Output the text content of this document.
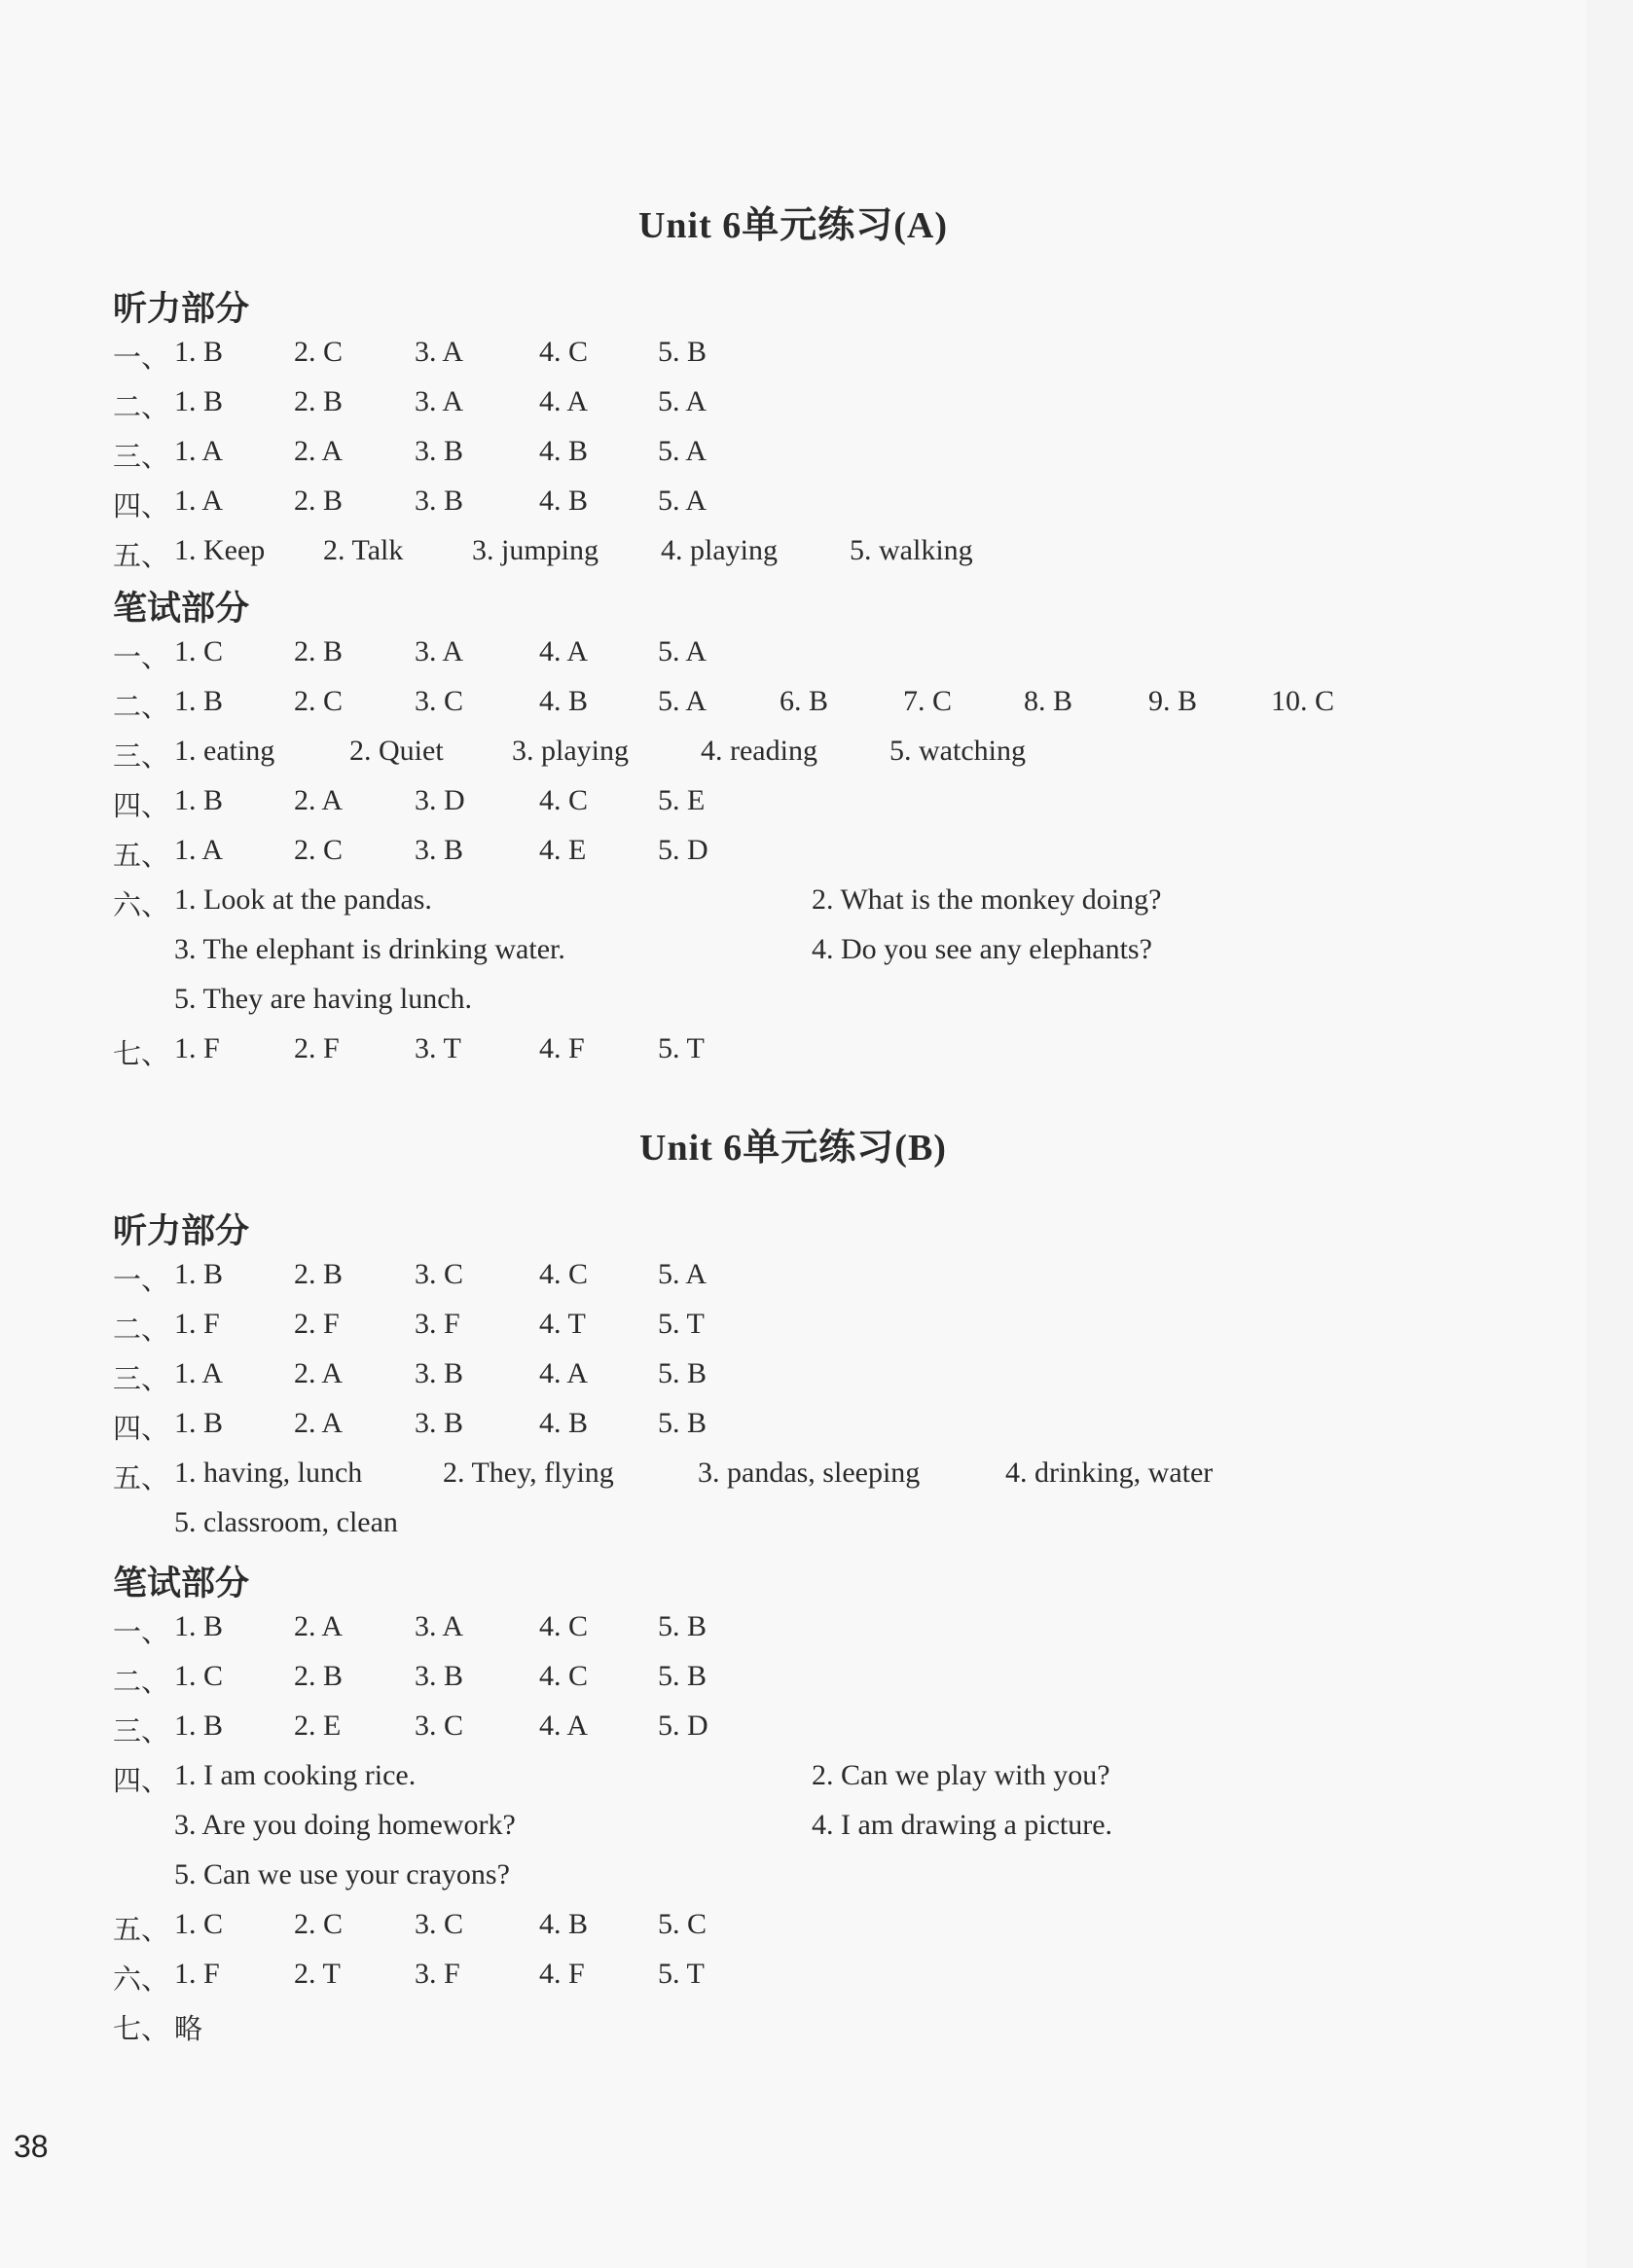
Unit 6单元练习(A)
听力部分
一、 1. B 2. C 3. A	4. C 5. B
二、 1. B 2. B 3. A	4. A 5. A
三、 1. A 2. A 3. B	4. B 5. A
四、 1. A 2. B 3. B	4. B 5. A
五、 1. Keep 2. Talk 3. jumping 4. playing 5. walking
笔试部分
一、 1. C 2. B 3. A	4. A 5. A
二、 1. B 2. C 3. C	4. B 5. A 6. B	7. C 8. B	9. B	10. C
三、 1. eating	2. Quiet 3. playing 4. reading 5. watching
四、 1. B 2. A 3. D	4. C 5. E
五、 1. A 2. C 3. B	4. E 5. D
六、 1. Look at the pandas.	2. What is the monkey doing?
3. The elephant is drinking water.	4. Do you see any elephants?
5. They are having lunch.
七、 1. F	2. F	3. T	4. F	5. T
Unit 6单元练习(B)
听力部分
一、 1. B 2. B 3. C	4. C 5. A
二、 1. F	2. F	3. F	4. T 5. T
三、 1. A 2. A 3. B	4. A 5. B
四、 1. B 2. A 3. B	4. B 5. B
五、 1. having, lunch	2. They, flying	3. pandas, sleeping	4. drinking, water
5. classroom, clean
笔试部分
一、 1. B 2. A 3. A	4. C 5. B
二、 1. C 2. B 3. B	4. C 5. B
三、 1. B 2. E	3. C	4. A 5. D
四、 1. I am cooking rice.	2. Can we play with you?
3. Are you doing homework?	4. I am drawing a picture.
5. Can we use your crayons?
五、 1. C 2. C 3. C	4. B 5. C
六、 1. F	2. T	3. F	4. F	5. T
七、 略
38
